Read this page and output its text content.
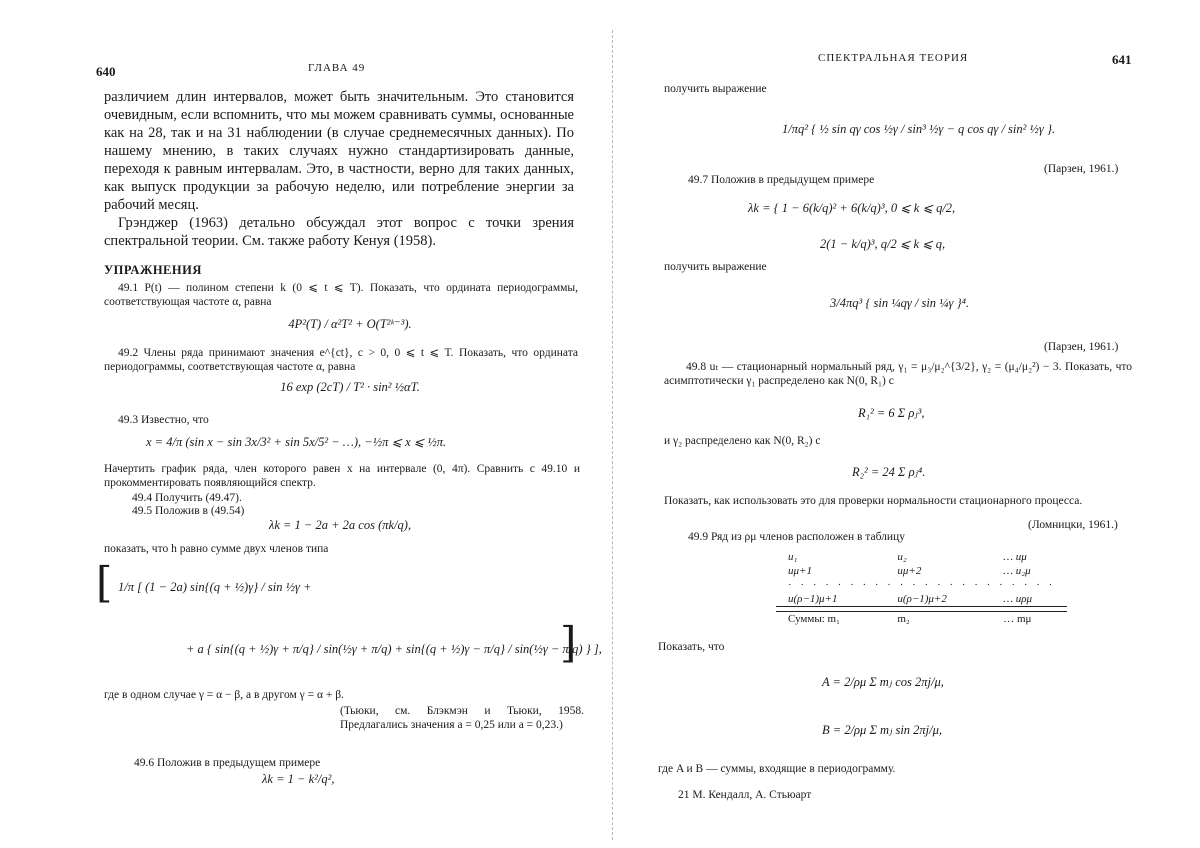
640	ГЛАВА 49
различием длин интервалов, может быть значительным. Это становится очевидным, если вспомнить, что мы можем сравнивать суммы, основанные как на 28, так и на 31 наблюдении (в случае среднемесячных данных). По нашему мнению, в таких случаях нужно стандартизировать данные, переходя к равным интервалам. Это, в частности, верно для таких данных, как выпуск продукции за рабочую неделю, или потребление энергии за рабочий месяц.
Грэнджер (1963) детально обсуждал этот вопрос с точки зрения спектральной теории. См. также работу Кенуя (1958).
УПРАЖНЕНИЯ
49.1 P(t) — полином степени k (0 ⩽ t ⩽ T). Показать, что ордината периодограммы, соответствующая частоте α, равна
4P²(T) / α²T² + O(T²ᵏ⁻³).
49.2 Члены ряда принимают значения e^{ct}, c > 0, 0 ⩽ t ⩽ T. Показать, что ордината периодограммы, соответствующая частоте α, равна
16 exp (2cT) / T² · sin² ½αT.
49.3 Известно, что
x = 4/π (sin x − sin 3x/3² + sin 5x/5² − …), −½π ⩽ x ⩽ ½π.
Начертить график ряда, член которого равен x на интервале (0, 4π). Сравнить с 49.10 и прокомментировать появляющийся спектр.
49.4 Получить (49.47).
49.5 Положив в (49.54)
λk = 1 − 2a + 2a cos (πk/q),
показать, что h равно сумме двух членов типа
[ 1/π [ (1 − 2a) sin{(q + ½)γ} / sin ½γ +
+ a { sin{(q + ½)γ + π/q} / sin(½γ + π/q) + sin{(q + ½)γ − π/q} / sin(½γ − π/q) } ],
]
где в одном случае γ = α − β, а в другом γ = α + β.
(Тьюки, см. Блэкмэн и Тьюки, 1958. Предлагались значения a = 0,25 или a = 0,23.)
49.6 Положив в предыдущем примере
λk = 1 − k²/q²,
СПЕКТРАЛЬНАЯ ТЕОРИЯ	641
получить выражение
1/πq² { ½ sin qγ cos ½γ / sin³ ½γ − q cos qγ / sin² ½γ }.
(Парзен, 1961.)
49.7 Положив в предыдущем примере
λk = { 1 − 6(k/q)² + 6(k/q)³, 0 ⩽ k ⩽ q/2,
2(1 − k/q)³, q/2 ⩽ k ⩽ q,
получить выражение
3/4πq³ { sin ¼qγ / sin ¼γ }⁴.
(Парзен, 1961.)
49.8 uₜ — стационарный нормальный ряд, γ₁ = μ₃/μ₂^{3/2}, γ₂ = (μ₄/μ₂²) − 3. Показать, что асимптотически γ₁ распределено как N(0, R₁) с
R₁² = 6 Σ ρⱼ³,
и γ₂ распределено как N(0, R₂) с
R₂² = 24 Σ ρⱼ⁴.
Показать, как использовать это для проверки нормальности стационарного процесса.
(Ломницки, 1961.)
49.9 Ряд из ρμ членов расположен в таблицу
u₁	u₂	… uμ
uμ+1	uμ+2	… u₂μ
· · · · · · · · · · · · · · · · · · · · · ·		
u(ρ−1)μ+1	u(ρ−1)μ+2	… uρμ

Суммы: m₁	m₂	… mμ
Показать, что
A = 2/ρμ Σ mⱼ cos 2πj/μ,
B = 2/ρμ Σ mⱼ sin 2πj/μ,
где A и B — суммы, входящие в периодограмму.
21 М. Кендалл, А. Стьюарт
